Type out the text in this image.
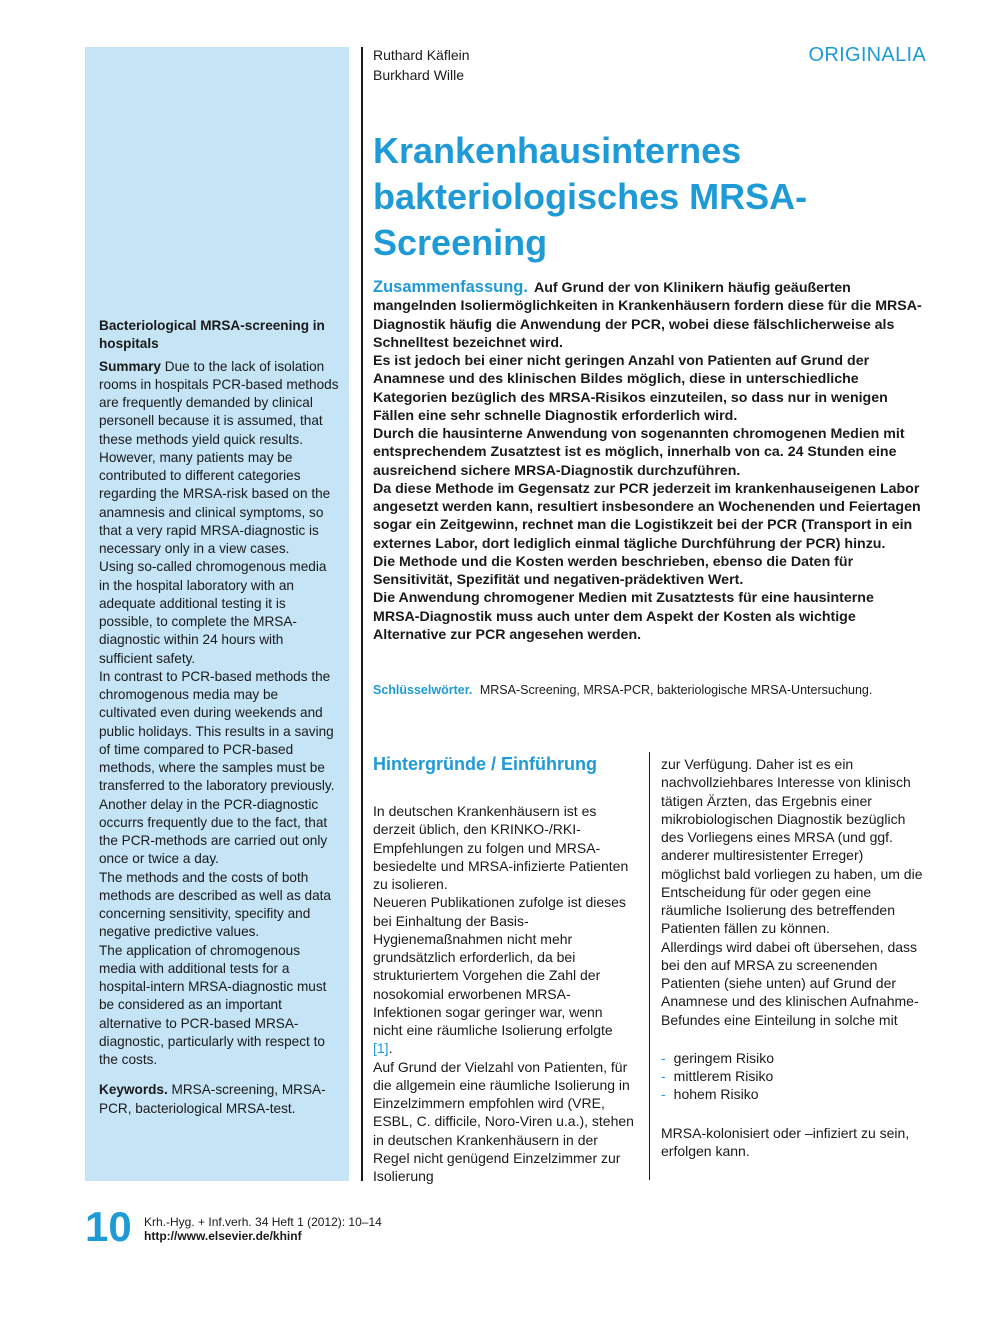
Bacteriological MRSA-screening in hospitals

Summary Due to the lack of isolation rooms in hospitals PCR-based methods are frequently demanded by clinical personell because it is assumed, that these methods yield quick results.

However, many patients may be contributed to different categories regarding the MRSA-risk based on the anamnesis and clinical symptoms, so that a very rapid MRSA-diagnostic is necessary only in a view cases.

Using so-called chromogenous media in the hospital laboratory with an adequate additional testing it is possible, to complete the MRSA-diagnostic within 24 hours with sufficient safety.

In contrast to PCR-based methods the chromogenous media may be cultivated even during weekends and public holidays. This results in a saving of time compared to PCR-based methods, where the samples must be transferred to the laboratory previously.

Another delay in the PCR-diagnostic occurrs frequently due to the fact, that the PCR-methods are carried out only once or twice a day.

The methods and the costs of both methods are described as well as data concerning sensitivity, specifity and negative predictive values.

The application of chromogenous media with additional tests for a hospital-intern MRSA-diagnostic must be considered as an important alternative to PCR-based MRSA-diagnostic, particularly with respect to the costs.

Keywords. MRSA-screening, MRSA-PCR, bacteriological MRSA-test.

Ruthard Käflein
Burkhard Wille
ORIGINALIA
Krankenhausinternes bakteriologisches MRSA-Screening

Zusammenfassung. Auf Grund der von Klinikern häufig geäußerten mangelnden Isoliermöglichkeiten in Krankenhäusern fordern diese für die MRSA-Diagnostik häufig die Anwendung der PCR, wobei diese fälschlicherweise als Schnelltest bezeichnet wird.

Es ist jedoch bei einer nicht geringen Anzahl von Patienten auf Grund der Anamnese und des klinischen Bildes möglich, diese in unterschiedliche Kategorien bezüglich des MRSA-Risikos einzuteilen, so dass nur in wenigen Fällen eine sehr schnelle Diagnostik erforderlich wird.

Durch die hausinterne Anwendung von sogenannten chromogenen Medien mit entsprechendem Zusatztest ist es möglich, innerhalb von ca. 24 Stunden eine ausreichend sichere MRSA-Diagnostik durchzuführen.

Da diese Methode im Gegensatz zur PCR jederzeit im krankenhauseigenen Labor angesetzt werden kann, resultiert insbesondere an Wochenenden und Feiertagen sogar ein Zeitgewinn, rechnet man die Logistikzeit bei der PCR (Transport in ein externes Labor, dort lediglich einmal tägliche Durchführung der PCR) hinzu.

Die Methode und die Kosten werden beschrieben, ebenso die Daten für Sensitivität, Spezifität und negativen-prädektiven Wert.

Die Anwendung chromogener Medien mit Zusatztests für eine hausinterne MRSA-Diagnostik muss auch unter dem Aspekt der Kosten als wichtige Alternative zur PCR angesehen werden.

Schlüsselwörter. MRSA-Screening, MRSA-PCR, bakteriologische MRSA-Untersuchung.
Hintergründe / Einführung

In deutschen Krankenhäusern ist es derzeit üblich, den KRINKO-/RKI-Empfehlungen zu folgen und MRSA-besiedelte und MRSA-infizierte Patienten zu isolieren.

Neueren Publikationen zufolge ist dieses bei Einhaltung der Basis-Hygienemaßnahmen nicht mehr grundsätzlich erforderlich, da bei strukturiertem Vorgehen die Zahl der nosokomial erworbenen MRSA-Infektionen sogar geringer war, wenn nicht eine räumliche Isolierung erfolgte [1].

Auf Grund der Vielzahl von Patienten, für die allgemein eine räumliche Isolierung in Einzelzimmern empfohlen wird (VRE, ESBL, C. difficile, Noro-Viren u.a.), stehen in deutschen Krankenhäusern in der Regel nicht genügend Einzelzimmer zur Isolierung

zur Verfügung. Daher ist es ein nachvollziehbares Interesse von klinisch tätigen Ärzten, das Ergebnis einer mikrobiologischen Diagnostik bezüglich des Vorliegens eines MRSA (und ggf. anderer multiresistenter Erreger) möglichst bald vorliegen zu haben, um die Entscheidung für oder gegen eine räumliche Isolierung des betreffenden Patienten fällen zu können.

Allerdings wird dabei oft übersehen, dass bei den auf MRSA zu screenenden Patienten (siehe unten) auf Grund der Anamnese und des klinischen Aufnahme-Befundes eine Einteilung in solche mit

- geringem Risiko
- mittlerem Risiko
- hohem Risiko

MRSA-kolonisiert oder –infiziert zu sein, erfolgen kann.

10 Krh.-Hyg. + Inf.verh. 34 Heft 1 (2012): 10–14
http://www.elsevier.de/khinf
